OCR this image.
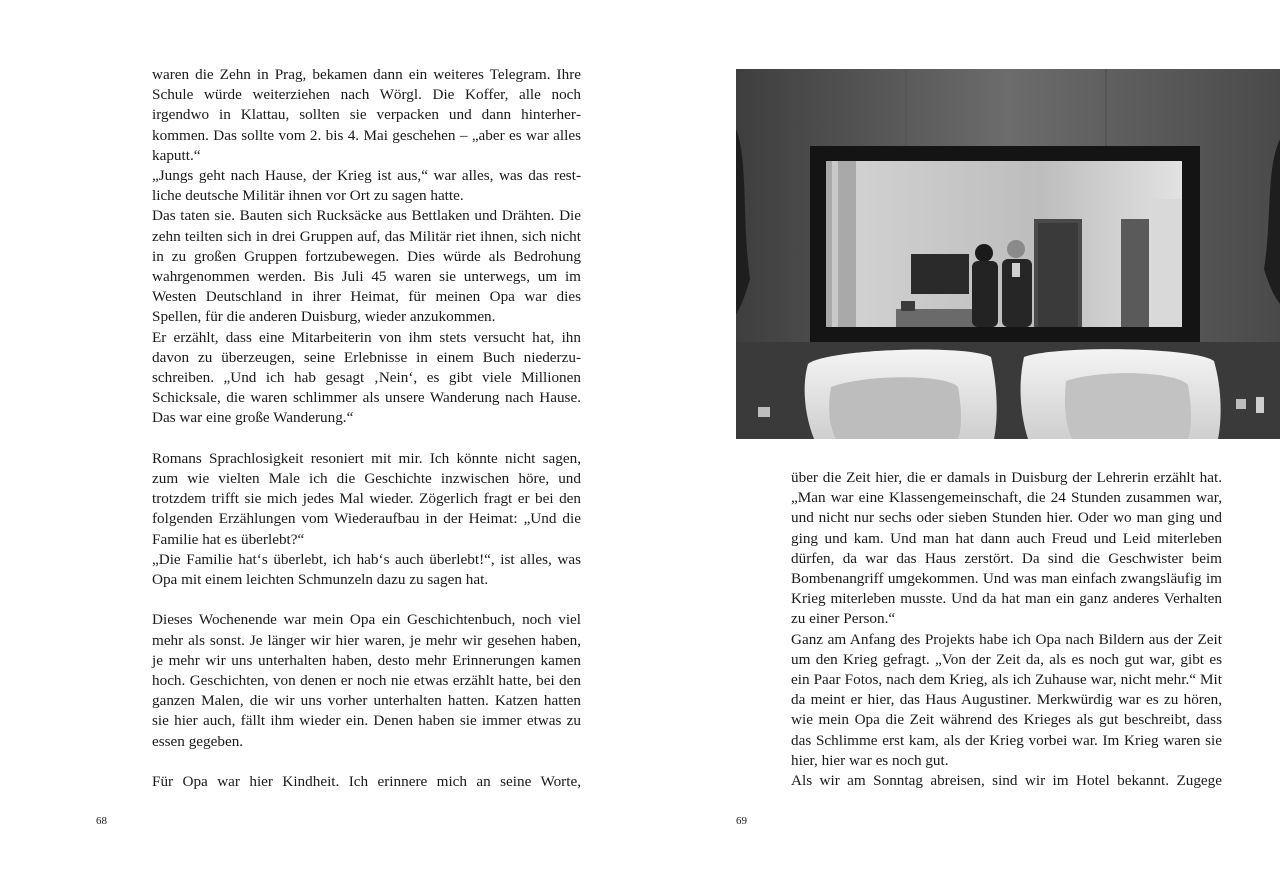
waren die Zehn in Prag, bekamen dann ein weiteres Telegram. Ihre Schule würde weiterziehen nach Wörgl. Die Koffer, alle noch irgendwo in Klattau, sollten sie verpacken und dann hinterherkommen. Das sollte vom 2. bis 4. Mai geschehen – „aber es war alles kaputt.“

„Jungs geht nach Hause, der Krieg ist aus,“ war alles, was das restliche deutsche Militär ihnen vor Ort zu sagen hatte.

Das taten sie. Bauten sich Rucksäcke aus Bettlaken und Drähten. Die zehn teilten sich in drei Gruppen auf, das Militär riet ihnen, sich nicht in zu großen Gruppen fortzubewegen. Dies würde als Bedrohung wahrgenommen werden. Bis Juli 45 waren sie unterwegs, um im Westen Deutschland in ihrer Heimat, für meinen Opa war dies Spellen, für die anderen Duisburg, wieder anzukommen.

Er erzählt, dass eine Mitarbeiterin von ihm stets versucht hat, ihn davon zu überzeugen, seine Erlebnisse in einem Buch niederzuschreiben. „Und ich hab gesagt ‚Nein‘, es gibt viele Millionen Schicksale, die waren schlimmer als unsere Wanderung nach Hause. Das war eine große Wanderung.“

Romans Sprachlosigkeit resoniert mit mir. Ich könnte nicht sagen, zum wie vielten Male ich die Geschichte inzwischen höre, und trotzdem trifft sie mich jedes Mal wieder. Zögerlich fragt er bei den folgenden Erzählungen vom Wiederaufbau in der Heimat: „Und die Familie hat es überlebt?“

„Die Familie hat‘s überlebt, ich hab‘s auch überlebt!“, ist alles, was Opa mit einem leichten Schmunzeln dazu zu sagen hat.

Dieses Wochenende war mein Opa ein Geschichtenbuch, noch viel mehr als sonst. Je länger wir hier waren, je mehr wir gesehen haben, je mehr wir uns unterhalten haben, desto mehr Erinnerungen kamen hoch. Geschichten, von denen er noch nie etwas erzählt hatte, bei den ganzen Malen, die wir uns vorher unterhalten hatten. Katzen hatten sie hier auch, fällt ihm wieder ein. Denen haben sie immer etwas zu essen gegeben.

Für Opa war hier Kindheit. Ich erinnere mich an seine Worte,

68

über die Zeit hier, die er damals in Duisburg der Lehrerin erzählt hat. „Man war eine Klassengemeinschaft, die 24 Stunden zusammen war, und nicht nur sechs oder sieben Stunden hier. Oder wo man ging und ging und kam. Und man hat dann auch Freud und Leid miterleben dürfen, da war das Haus zerstört. Da sind die Geschwister beim Bombenangriff umgekommen. Und was man einfach zwangsläufig im Krieg miterleben musste. Und da hat man ein ganz anderes Verhalten zu einer Person.“

Ganz am Anfang des Projekts habe ich Opa nach Bildern aus der Zeit um den Krieg gefragt. „Von der Zeit da, als es noch gut war, gibt es ein Paar Fotos, nach dem Krieg, als ich Zuhause war, nicht mehr.“ Mit da meint er hier, das Haus Augustiner. Merkwürdig war es zu hören, wie mein Opa die Zeit während des Krieges als gut beschreibt, dass das Schlimme erst kam, als der Krieg vorbei war. Im Krieg waren sie hier, hier war es noch gut.

Als wir am Sonntag abreisen, sind wir im Hotel bekannt. Zugege

69
